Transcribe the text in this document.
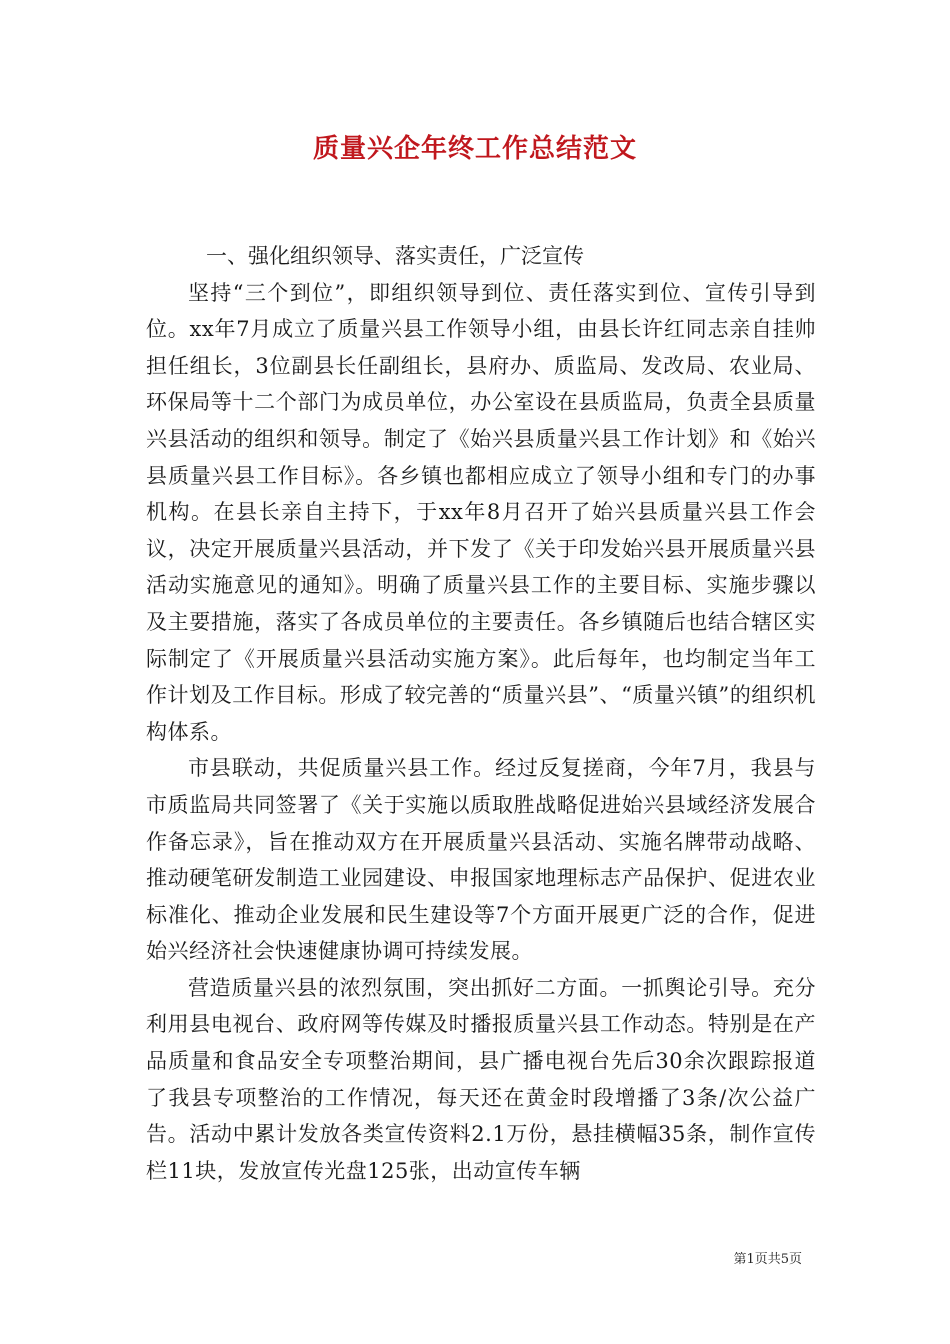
质量兴企年终工作总结范文
一、强化组织领导、落实责任，广泛宣传

坚持“三个到位”，即组织领导到位、责任落实到位、宣传引导到位。xx年7月成立了质量兴县工作领导小组，由县长许红同志亲自挂帅担任组长，3位副县长任副组长，县府办、质监局、发改局、农业局、环保局等十二个部门为成员单位，办公室设在县质监局，负责全县质量兴县活动的组织和领导。制定了《始兴县质量兴县工作计划》和《始兴县质量兴县工作目标》。各乡镇也都相应成立了领导小组和专门的办事机构。在县长亲自主持下，于xx年8月召开了始兴县质量兴县工作会议，决定开展质量兴县活动，并下发了《关于印发始兴县开展质量兴县活动实施意见的通知》。明确了质量兴县工作的主要目标、实施步骤以及主要措施，落实了各成员单位的主要责任。各乡镇随后也结合辖区实际制定了《开展质量兴县活动实施方案》。此后每年，也均制定当年工作计划及工作目标。形成了较完善的“质量兴县”、“质量兴镇”的组织机构体系。

市县联动，共促质量兴县工作。经过反复搓商，今年7月，我县与市质监局共同签署了《关于实施以质取胜战略促进始兴县域经济发展合作备忘录》，旨在推动双方在开展质量兴县活动、实施名牌带动战略、推动硬笔研发制造工业园建设、申报国家地理标志产品保护、促进农业标准化、推动企业发展和民生建设等7个方面开展更广泛的合作，促进始兴经济社会快速健康协调可持续发展。

营造质量兴县的浓烈氛围，突出抓好二方面。一抓舆论引导。充分利用县电视台、政府网等传媒及时播报质量兴县工作动态。特别是在产品质量和食品安全专项整治期间，县广播电视台先后30余次跟踪报道了我县专项整治的工作情况，每天还在黄金时段增播了3条/次公益广告。活动中累计发放各类宣传资料2.1万份，悬挂横幅35条，制作宣传栏11块，发放宣传光盘125张，出动宣传车辆

第1页共5页
